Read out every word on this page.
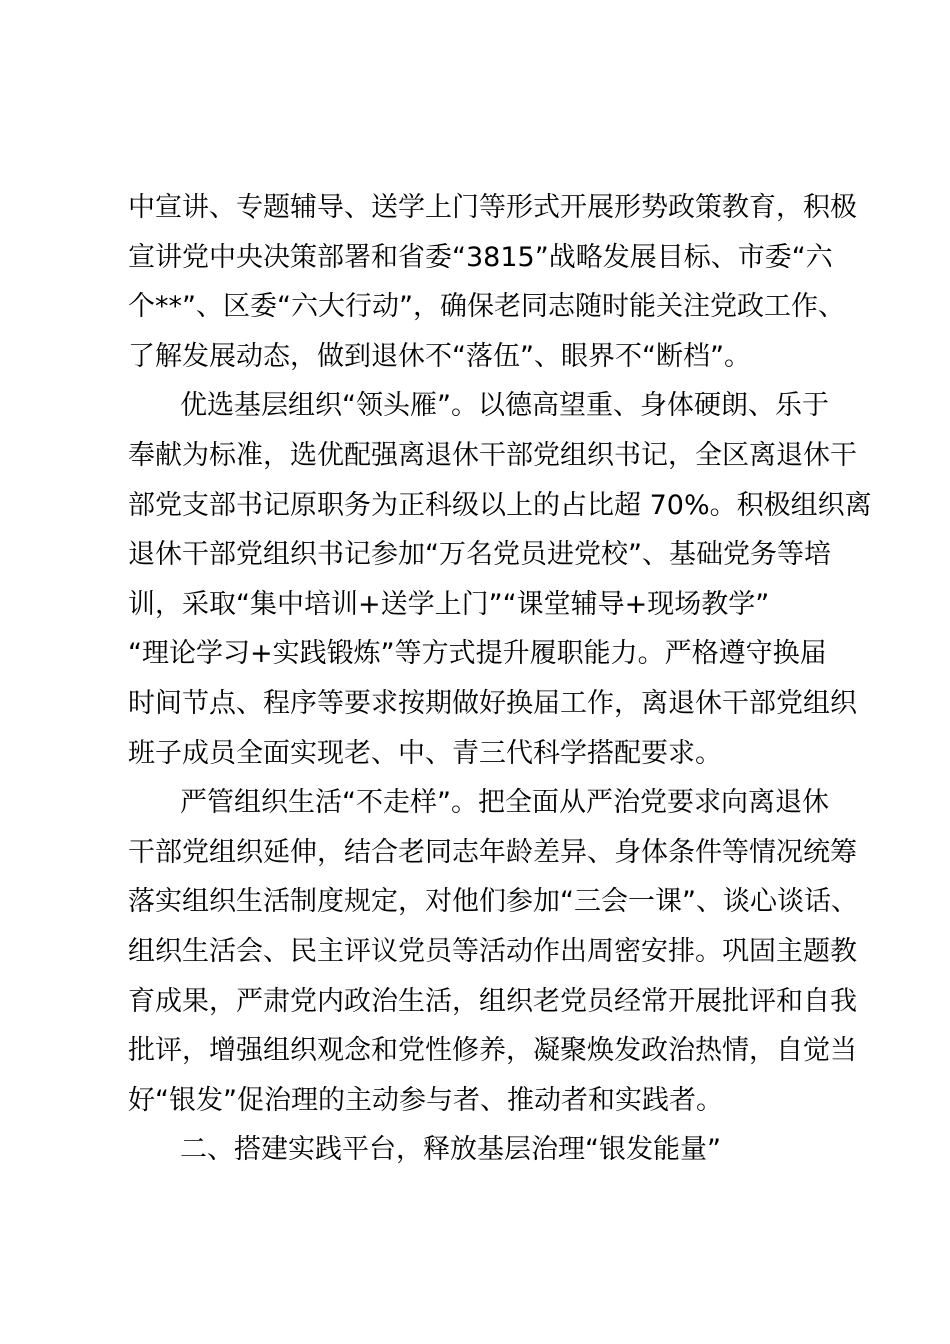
中宣讲、专题辅导、送学上门等形式开展形势政策教育，积极
宣讲党中央决策部署和省委“3815”战略发展目标、市委“六
个**”、区委“六大行动”，确保老同志随时能关注党政工作、
了解发展动态，做到退休不“落伍”、眼界不“断档”。
优选基层组织“领头雁”。以德高望重、身体硬朗、乐于
奉献为标准，选优配强离退休干部党组织书记，全区离退休干
部党支部书记原职务为正科级以上的占比超 70%。积极组织离
退休干部党组织书记参加“万名党员进党校”、基础党务等培
训，采取“集中培训+送学上门”“课堂辅导+现场教学”
“理论学习+实践锻炼”等方式提升履职能力。严格遵守换届
时间节点、程序等要求按期做好换届工作，离退休干部党组织
班子成员全面实现老、中、青三代科学搭配要求。
严管组织生活“不走样”。把全面从严治党要求向离退休
干部党组织延伸，结合老同志年龄差异、身体条件等情况统筹
落实组织生活制度规定，对他们参加“三会一课”、谈心谈话、
组织生活会、民主评议党员等活动作出周密安排。巩固主题教
育成果，严肃党内政治生活，组织老党员经常开展批评和自我
批评，增强组织观念和党性修养，凝聚焕发政治热情，自觉当
好“银发”促治理的主动参与者、推动者和实践者。
二、搭建实践平台，释放基层治理“银发能量”
